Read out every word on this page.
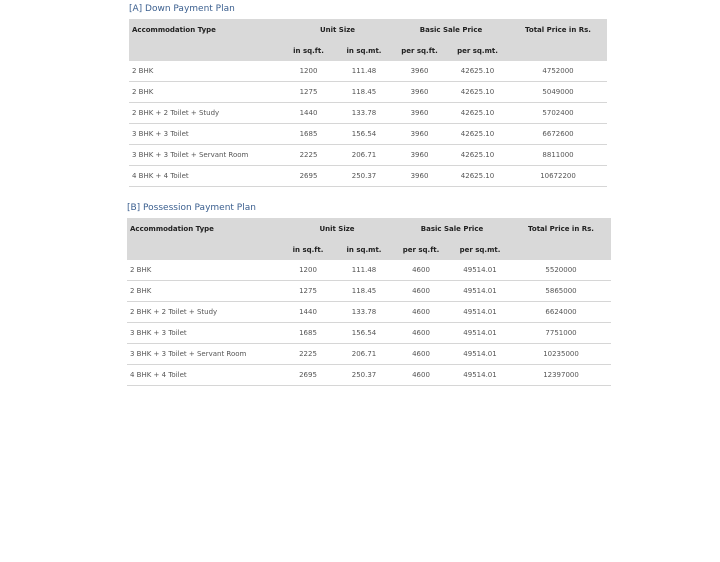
[A] Down Payment Plan
Accommodation Type	Unit Size		Basic Sale Price		Total Price in Rs.
	in sq.ft.	in sq.mt.	per sq.ft.	per sq.mt.	
2 BHK	1200	111.48	3960	42625.10	4752000
2 BHK	1275	118.45	3960	42625.10	5049000
2 BHK + 2 Toilet + Study	1440	133.78	3960	42625.10	5702400
3 BHK + 3 Toilet	1685	156.54	3960	42625.10	6672600
3 BHK + 3 Toilet + Servant Room	2225	206.71	3960	42625.10	8811000
4 BHK + 4 Toilet	2695	250.37	3960	42625.10	10672200
[B] Possession Payment Plan
Accommodation Type	Unit Size		Basic Sale Price		Total Price in Rs.
	in sq.ft.	in sq.mt.	per sq.ft.	per sq.mt.	
2 BHK	1200	111.48	4600	49514.01	5520000
2 BHK	1275	118.45	4600	49514.01	5865000
2 BHK + 2 Toilet + Study	1440	133.78	4600	49514.01	6624000
3 BHK + 3 Toilet	1685	156.54	4600	49514.01	7751000
3 BHK + 3 Toilet + Servant Room	2225	206.71	4600	49514.01	10235000
4 BHK + 4 Toilet	2695	250.37	4600	49514.01	12397000
